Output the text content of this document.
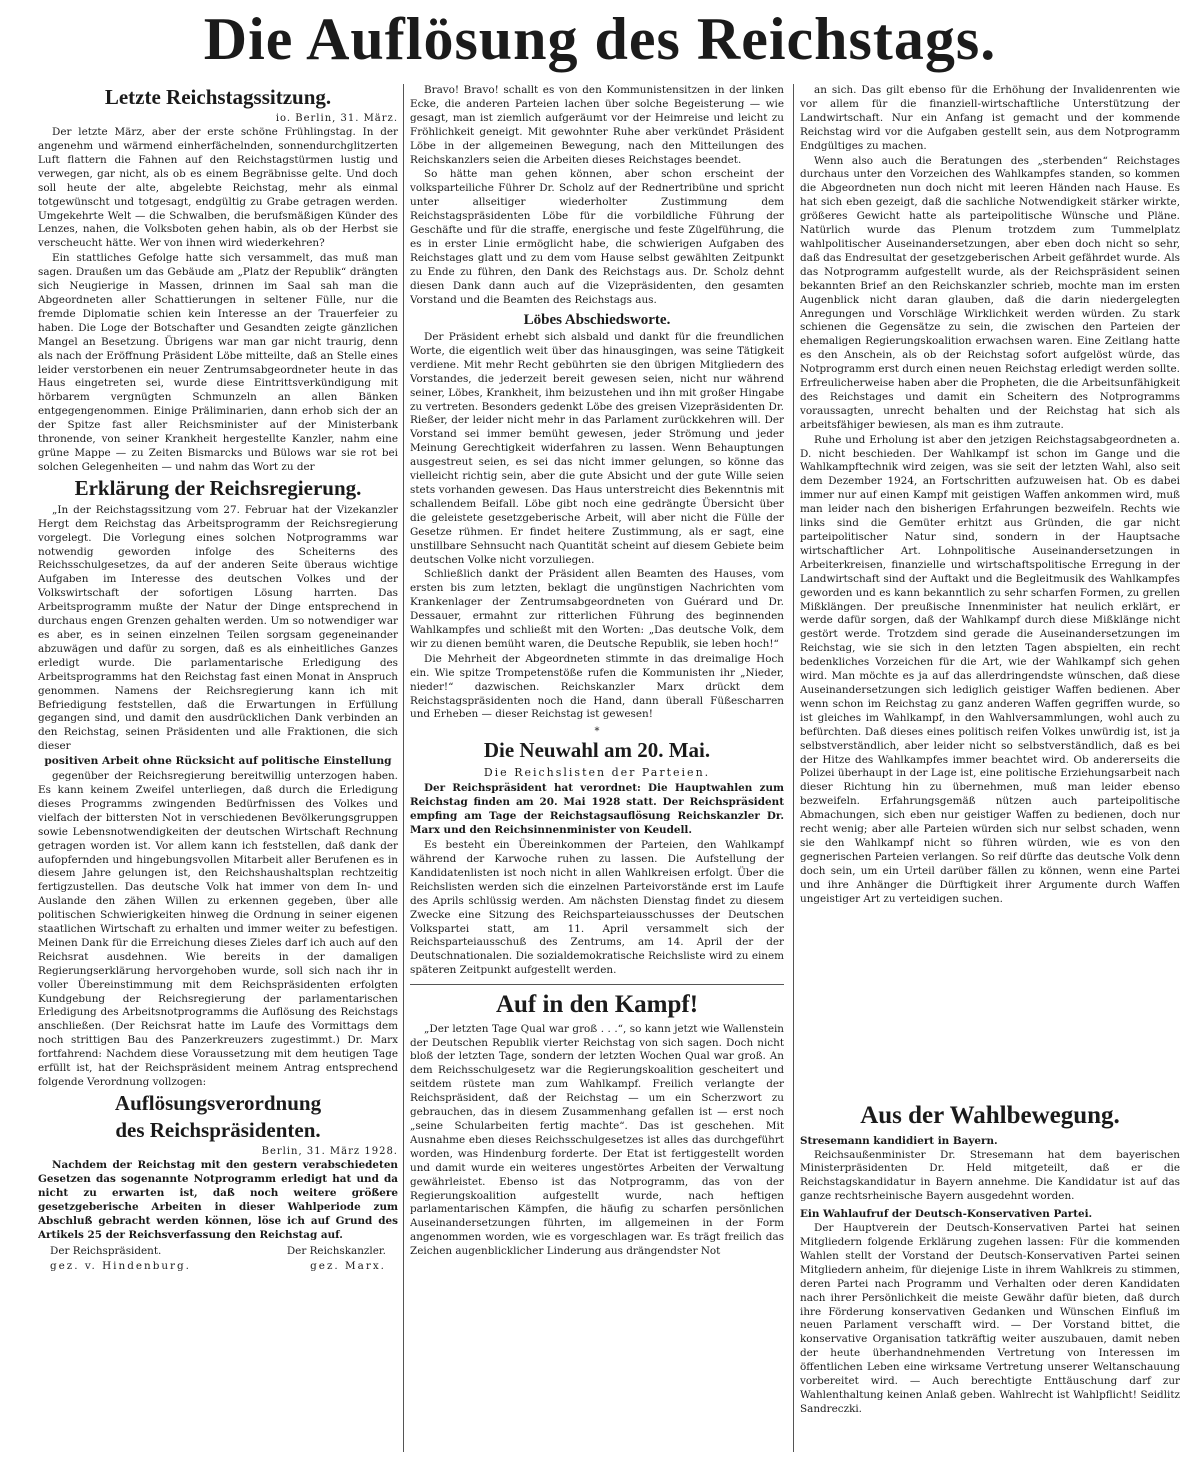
Die Auflösung des Reichstags.
Letzte Reichstagssitzung.
io. Berlin, 31. März.

Der letzte März, aber der erste schöne Frühlingstag. In der angenehm und wärmend einherfächelnden, sonnendurchglitzerten Luft flattern die Fahnen auf den Reichstagstürmen lustig und verwegen, gar nicht, als ob es einem Begräbnisse gelte. Und doch soll heute der alte, abgelebte Reichstag, mehr als einmal totgewünscht und totgesagt, endgültig zu Grabe getragen werden. Umgekehrte Welt — die Schwalben, die berufsmäßigen Künder des Lenzes, nahen, die Volksboten gehen habin, als ob der Herbst sie verscheucht hätte. Wer von ihnen wird wiederkehren?

Ein stattliches Gefolge hatte sich versammelt, das muß man sagen. Draußen um das Gebäude am „Platz der Republik“ drängten sich Neugierige in Massen, drinnen im Saal sah man die Abgeordneten aller Schattierungen in seltener Fülle, nur die fremde Diplomatie schien kein Interesse an der Trauerfeier zu haben. Die Loge der Botschafter und Gesandten zeigte gänzlichen Mangel an Besetzung. Übrigens war man gar nicht traurig, denn als nach der Eröffnung Präsident Löbe mitteilte, daß an Stelle eines leider verstorbenen ein neuer Zentrumsabgeordneter heute in das Haus eingetreten sei, wurde diese Eintrittsverkündigung mit hörbarem vergnügten Schmunzeln an allen Bänken entgegengenommen. Einige Präliminarien, dann erhob sich der an der Spitze fast aller Reichsminister auf der Ministerbank thronende, von seiner Krankheit hergestellte Kanzler, nahm eine grüne Mappe — zu Zeiten Bismarcks und Bülows war sie rot bei solchen Gelegenheiten — und nahm das Wort zu der

Erklärung der Reichsregierung.

„In der Reichstagssitzung vom 27. Februar hat der Vizekanzler Hergt dem Reichstag das Arbeitsprogramm der Reichsregierung vorgelegt. Die Vorlegung eines solchen Notprogramms war notwendig geworden infolge des Scheiterns des Reichsschulgesetzes, da auf der anderen Seite überaus wichtige Aufgaben im Interesse des deutschen Volkes und der Volkswirtschaft der sofortigen Lösung harrten. Das Arbeitsprogramm mußte der Natur der Dinge entsprechend in durchaus engen Grenzen gehalten werden. Um so notwendiger war es aber, es in seinen einzelnen Teilen sorgsam gegeneinander abzuwägen und dafür zu sorgen, daß es als einheitliches Ganzes erledigt wurde. Die parlamentarische Erledigung des Arbeitsprogramms hat den Reichstag fast einen Monat in Anspruch genommen. Namens der Reichsregierung kann ich mit Befriedigung feststellen, daß die Erwartungen in Erfüllung gegangen sind, und damit den ausdrücklichen Dank verbinden an den Reichstag, seinen Präsidenten und alle Fraktionen, die sich dieser

positiven Arbeit ohne Rücksicht auf politische Einstellung

gegenüber der Reichsregierung bereitwillig unterzogen haben. Es kann keinem Zweifel unterliegen, daß durch die Erledigung dieses Programms zwingenden Bedürfnissen des Volkes und vielfach der bittersten Not in verschiedenen Bevölkerungsgruppen sowie Lebensnotwendigkeiten der deutschen Wirtschaft Rechnung getragen worden ist. Vor allem kann ich feststellen, daß dank der aufopfernden und hingebungsvollen Mitarbeit aller Berufenen es in diesem Jahre gelungen ist, den Reichshaushaltsplan rechtzeitig fertigzustellen. Das deutsche Volk hat immer von dem In- und Auslande den zähen Willen zu erkennen gegeben, über alle politischen Schwierigkeiten hinweg die Ordnung in seiner eigenen staatlichen Wirtschaft zu erhalten und immer weiter zu befestigen. Meinen Dank für die Erreichung dieses Zieles darf ich auch auf den Reichsrat ausdehnen. Wie bereits in der damaligen Regierungserklärung hervorgehoben wurde, soll sich nach ihr in voller Übereinstimmung mit dem Reichspräsidenten erfolgten Kundgebung der Reichsregierung der parlamentarischen Erledigung des Arbeitsnotprogramms die Auflösung des Reichstags anschließen. (Der Reichsrat hatte im Laufe des Vormittags dem noch strittigen Bau des Panzerkreuzers zugestimmt.) Dr. Marx fortfahrend: Nachdem diese Voraussetzung mit dem heutigen Tage erfüllt ist, hat der Reichspräsident meinem Antrag entsprechend folgende Verordnung vollzogen:

Auflösungsverordnung
des Reichspräsidenten.
Berlin, 31. März 1928.

Nachdem der Reichstag mit den gestern verabschiedeten Gesetzen das sogenannte Notprogramm erledigt hat und da nicht zu erwarten ist, daß noch weitere größere gesetzgeberische Arbeiten in dieser Wahlperiode zum Abschluß gebracht werden können, löse ich auf Grund des Artikels 25 der Reichsverfassung den Reichstag auf.

Der Reichspräsident.	Der Reichskanzler.
gez. v. Hindenburg.	gez. Marx.

Bravo! Bravo! schallt es von den Kommunistensitzen in der linken Ecke, die anderen Parteien lachen über solche Begeisterung — wie gesagt, man ist ziemlich aufgeräumt vor der Heimreise und leicht zu Fröhlichkeit geneigt. Mit gewohnter Ruhe aber verkündet Präsident Löbe in der allgemeinen Bewegung, nach den Mitteilungen des Reichskanzlers seien die Arbeiten dieses Reichstages beendet.

So hätte man gehen können, aber schon erscheint der volksparteiliche Führer Dr. Scholz auf der Rednertribüne und spricht unter allseitiger wiederholter Zustimmung dem Reichstagspräsidenten Löbe für die vorbildliche Führung der Geschäfte und für die straffe, energische und feste Zügelführung, die es in erster Linie ermöglicht habe, die schwierigen Aufgaben des Reichstages glatt und zu dem vom Hause selbst gewählten Zeitpunkt zu Ende zu führen, den Dank des Reichstags aus. Dr. Scholz dehnt diesen Dank dann auch auf die Vizepräsidenten, den gesamten Vorstand und die Beamten des Reichstags aus.

Löbes Abschiedsworte.

Der Präsident erhebt sich alsbald und dankt für die freundlichen Worte, die eigentlich weit über das hinausgingen, was seine Tätigkeit verdiene. Mit mehr Recht gebührten sie den übrigen Mitgliedern des Vorstandes, die jederzeit bereit gewesen seien, nicht nur während seiner, Löbes, Krankheit, ihm beizustehen und ihn mit großer Hingabe zu vertreten. Besonders gedenkt Löbe des greisen Vizepräsidenten Dr. Rießer, der leider nicht mehr in das Parlament zurückkehren will. Der Vorstand sei immer bemüht gewesen, jeder Strömung und jeder Meinung Gerechtigkeit widerfahren zu lassen. Wenn Behauptungen ausgestreut seien, es sei das nicht immer gelungen, so könne das vielleicht richtig sein, aber die gute Absicht und der gute Wille seien stets vorhanden gewesen. Das Haus unterstreicht dies Bekenntnis mit schallendem Beifall. Löbe gibt noch eine gedrängte Übersicht über die geleistete gesetzgeberische Arbeit, will aber nicht die Fülle der Gesetze rühmen. Er findet heitere Zustimmung, als er sagt, eine unstillbare Sehnsucht nach Quantität scheint auf diesem Gebiete beim deutschen Volke nicht vorzuliegen.

Schließlich dankt der Präsident allen Beamten des Hauses, vom ersten bis zum letzten, beklagt die ungünstigen Nachrichten vom Krankenlager der Zentrumsabgeordneten von Guérard und Dr. Dessauer, ermahnt zur ritterlichen Führung des beginnenden Wahlkampfes und schließt mit den Worten: „Das deutsche Volk, dem wir zu dienen bemüht waren, die Deutsche Republik, sie leben hoch!“

Die Mehrheit der Abgeordneten stimmte in das dreimalige Hoch ein. Wie spitze Trompetenstöße rufen die Kommunisten ihr „Nieder, nieder!“ dazwischen. Reichskanzler Marx drückt dem Reichstagspräsidenten noch die Hand, dann überall Füßescharren und Erheben — dieser Reichstag ist gewesen!

*
Die Neuwahl am 20. Mai.
Die Reichslisten der Parteien.

Der Reichspräsident hat verordnet: Die Hauptwahlen zum Reichstag finden am 20. Mai 1928 statt. Der Reichspräsident empfing am Tage der Reichstagsauflösung Reichskanzler Dr. Marx und den Reichsinnenminister von Keudell.

Es besteht ein Übereinkommen der Parteien, den Wahlkampf während der Karwoche ruhen zu lassen. Die Aufstellung der Kandidatenlisten ist noch nicht in allen Wahlkreisen erfolgt. Über die Reichslisten werden sich die einzelnen Parteivorstände erst im Laufe des Aprils schlüssig werden. Am nächsten Dienstag findet zu diesem Zwecke eine Sitzung des Reichsparteiausschusses der Deutschen Volkspartei statt, am 11. April versammelt sich der Reichsparteiausschuß des Zentrums, am 14. April der der Deutschnationalen. Die sozialdemokratische Reichsliste wird zu einem späteren Zeitpunkt aufgestellt werden.

Auf in den Kampf!

„Der letzten Tage Qual war groß . . .“, so kann jetzt wie Wallenstein der Deutschen Republik vierter Reichstag von sich sagen. Doch nicht bloß der letzten Tage, sondern der letzten Wochen Qual war groß. An dem Reichsschulgesetz war die Regierungskoalition gescheitert und seitdem rüstete man zum Wahlkampf. Freilich verlangte der Reichspräsident, daß der Reichstag — um ein Scherzwort zu gebrauchen, das in diesem Zusammenhang gefallen ist — erst noch „seine Schularbeiten fertig machte“. Das ist geschehen. Mit Ausnahme eben dieses Reichsschulgesetzes ist alles das durchgeführt worden, was Hindenburg forderte. Der Etat ist fertiggestellt worden und damit wurde ein weiteres ungestörtes Arbeiten der Verwaltung gewährleistet. Ebenso ist das Notprogramm, das von der Regierungskoalition aufgestellt wurde, nach heftigen parlamentarischen Kämpfen, die häufig zu scharfen persönlichen Auseinandersetzungen führten, im allgemeinen in der Form angenommen worden, wie es vorgeschlagen war. Es trägt freilich das Zeichen augenblicklicher Linderung aus drängendster Not

an sich. Das gilt ebenso für die Erhöhung der Invalidenrenten wie vor allem für die finanziell-wirtschaftliche Unterstützung der Landwirtschaft. Nur ein Anfang ist gemacht und der kommende Reichstag wird vor die Aufgaben gestellt sein, aus dem Notprogramm Endgültiges zu machen.

Wenn also auch die Beratungen des „sterbenden“ Reichstages durchaus unter den Vorzeichen des Wahlkampfes standen, so kommen die Abgeordneten nun doch nicht mit leeren Händen nach Hause. Es hat sich eben gezeigt, daß die sachliche Notwendigkeit stärker wirkte, größeres Gewicht hatte als parteipolitische Wünsche und Pläne. Natürlich wurde das Plenum trotzdem zum Tummelplatz wahlpolitischer Auseinandersetzungen, aber eben doch nicht so sehr, daß das Endresultat der gesetzgeberischen Arbeit gefährdet wurde. Als das Notprogramm aufgestellt wurde, als der Reichspräsident seinen bekannten Brief an den Reichskanzler schrieb, mochte man im ersten Augenblick nicht daran glauben, daß die darin niedergelegten Anregungen und Vorschläge Wirklichkeit werden würden. Zu stark schienen die Gegensätze zu sein, die zwischen den Parteien der ehemaligen Regierungskoalition erwachsen waren. Eine Zeitlang hatte es den Anschein, als ob der Reichstag sofort aufgelöst würde, das Notprogramm erst durch einen neuen Reichstag erledigt werden sollte. Erfreulicherweise haben aber die Propheten, die die Arbeitsunfähigkeit des Reichstages und damit ein Scheitern des Notprogramms voraussagten, unrecht behalten und der Reichstag hat sich als arbeitsfähiger bewiesen, als man es ihm zutraute.

Ruhe und Erholung ist aber den jetzigen Reichstagsabgeordneten a. D. nicht beschieden. Der Wahlkampf ist schon im Gange und die Wahlkampftechnik wird zeigen, was sie seit der letzten Wahl, also seit dem Dezember 1924, an Fortschritten aufzuweisen hat. Ob es dabei immer nur auf einen Kampf mit geistigen Waffen ankommen wird, muß man leider nach den bisherigen Erfahrungen bezweifeln. Rechts wie links sind die Gemüter erhitzt aus Gründen, die gar nicht parteipolitischer Natur sind, sondern in der Hauptsache wirtschaftlicher Art. Lohnpolitische Auseinandersetzungen in Arbeiterkreisen, finanzielle und wirtschaftspolitische Erregung in der Landwirtschaft sind der Auftakt und die Begleitmusik des Wahlkampfes geworden und es kann bekanntlich zu sehr scharfen Formen, zu grellen Mißklängen. Der preußische Innenminister hat neulich erklärt, er werde dafür sorgen, daß der Wahlkampf durch diese Mißklänge nicht gestört werde. Trotzdem sind gerade die Auseinandersetzungen im Reichstag, wie sie sich in den letzten Tagen abspielten, ein recht bedenkliches Vorzeichen für die Art, wie der Wahlkampf sich gehen wird. Man möchte es ja auf das allerdringendste wünschen, daß diese Auseinandersetzungen sich lediglich geistiger Waffen bedienen. Aber wenn schon im Reichstag zu ganz anderen Waffen gegriffen wurde, so ist gleiches im Wahlkampf, in den Wahlversammlungen, wohl auch zu befürchten. Daß dieses eines politisch reifen Volkes unwürdig ist, ist ja selbstverständlich, aber leider nicht so selbstverständlich, daß es bei der Hitze des Wahlkampfes immer beachtet wird. Ob andererseits die Polizei überhaupt in der Lage ist, eine politische Erziehungsarbeit nach dieser Richtung hin zu übernehmen, muß man leider ebenso bezweifeln. Erfahrungsgemäß nützen auch parteipolitische Abmachungen, sich eben nur geistiger Waffen zu bedienen, doch nur recht wenig; aber alle Parteien würden sich nur selbst schaden, wenn sie den Wahlkampf nicht so führen würden, wie es von den gegnerischen Parteien verlangen. So reif dürfte das deutsche Volk denn doch sein, um ein Urteil darüber fällen zu können, wenn eine Partei und ihre Anhänger die Dürftigkeit ihrer Argumente durch Waffen ungeistiger Art zu verteidigen suchen.

Aus der Wahlbewegung.
Stresemann kandidiert in Bayern.

Reichsaußenminister Dr. Stresemann hat dem bayerischen Ministerpräsidenten Dr. Held mitgeteilt, daß er die Reichstagskandidatur in Bayern annehme. Die Kandidatur ist auf das ganze rechtsrheinische Bayern ausgedehnt worden.

Ein Wahlaufruf der Deutsch-Konservativen Partei.

Der Hauptverein der Deutsch-Konservativen Partei hat seinen Mitgliedern folgende Erklärung zugehen lassen: Für die kommenden Wahlen stellt der Vorstand der Deutsch-Konservativen Partei seinen Mitgliedern anheim, für diejenige Liste in ihrem Wahlkreis zu stimmen, deren Partei nach Programm und Verhalten oder deren Kandidaten nach ihrer Persönlichkeit die meiste Gewähr dafür bieten, daß durch ihre Förderung konservativen Gedanken und Wünschen Einfluß im neuen Parlament verschafft wird. — Der Vorstand bittet, die konservative Organisation tatkräftig weiter auszubauen, damit neben der heute überhandnehmenden Vertretung von Interessen im öffentlichen Leben eine wirksame Vertretung unserer Weltanschauung vorbereitet wird. — Auch berechtigte Enttäuschung darf zur Wahlenthaltung keinen Anlaß geben. Wahlrecht ist Wahlpflicht! Seidlitz Sandreczki.
